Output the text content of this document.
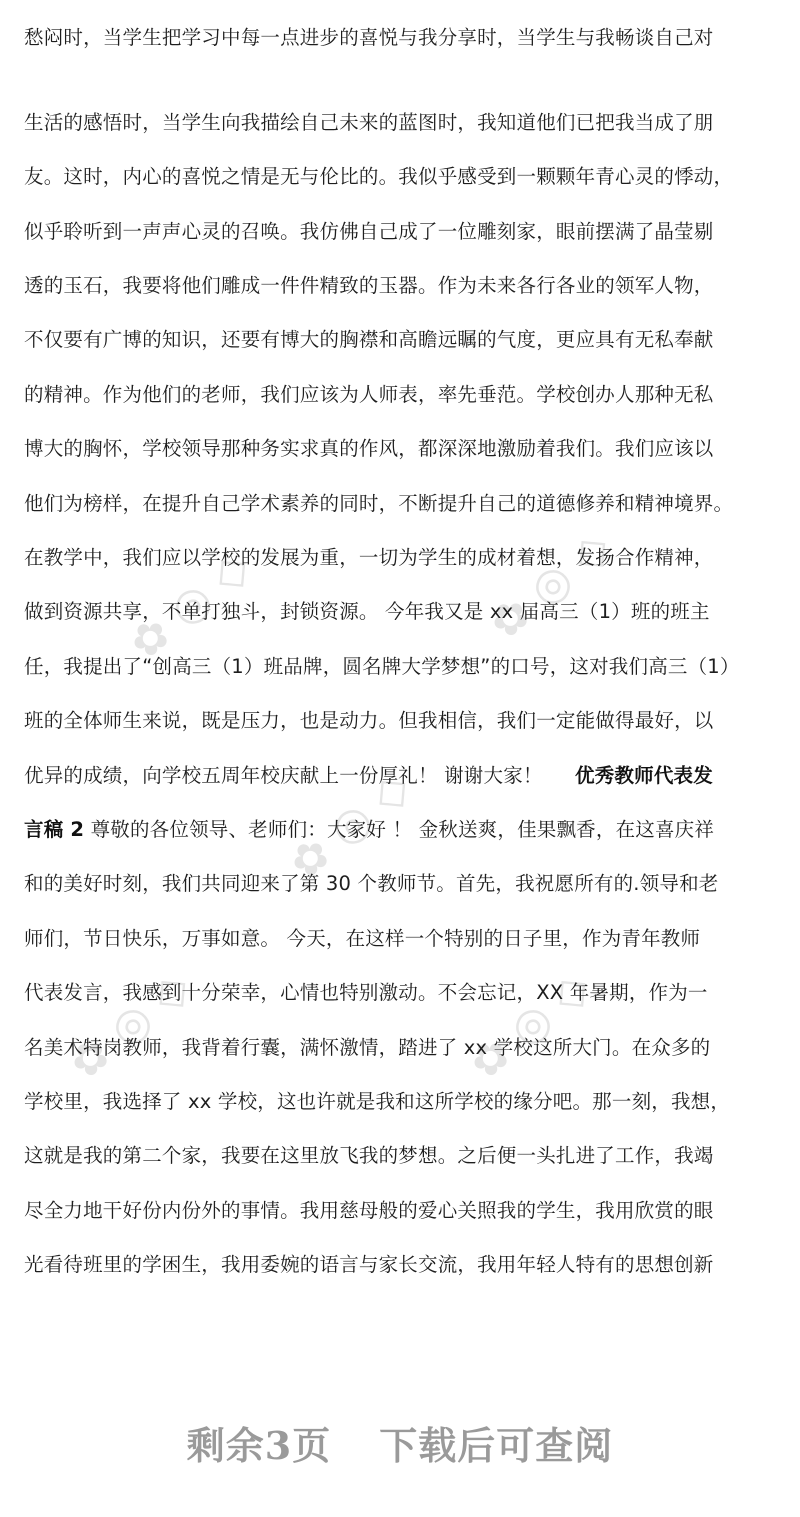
✿ ◎ ◇	✿ ◎ ◇
✿ ◎ ◇
✿ ◎ ◇	✿ ◎ ◇
愁闷时，当学生把学习中每一点进步的喜悦与我分享时，当学生与我畅谈自己对
生活的感悟时，当学生向我描绘自己未来的蓝图时，我知道他们已把我当成了朋
友。这时，内心的喜悦之情是无与伦比的。我似乎感受到一颗颗年青心灵的悸动，
似乎聆听到一声声心灵的召唤。我仿佛自己成了一位雕刻家，眼前摆满了晶莹剔
透的玉石，我要将他们雕成一件件精致的玉器。作为未来各行各业的领军人物，
不仅要有广博的知识，还要有博大的胸襟和高瞻远瞩的气度，更应具有无私奉献
的精神。作为他们的老师，我们应该为人师表，率先垂范。学校创办人那种无私
博大的胸怀，学校领导那种务实求真的作风，都深深地激励着我们。我们应该以
他们为榜样，在提升自己学术素养的同时，不断提升自己的道德修养和精神境界。
在教学中，我们应以学校的发展为重，一切为学生的成材着想，发扬合作精神，
做到资源共享，不单打独斗，封锁资源。 今年我又是 xx 届高三（1）班的班主
任，我提出了“创高三（1）班品牌，圆名牌大学梦想”的口号，这对我们高三（1）
班的全体师生来说，既是压力，也是动力。但我相信，我们一定能做得最好，以
优异的成绩，向学校五周年校庆献上一份厚礼！ 谢谢大家！ 优秀教师代表发
言稿 2 尊敬的各位领导、老师们：大家好 ！ 金秋送爽，佳果飘香，在这喜庆祥
和的美好时刻，我们共同迎来了第 30 个教师节。首先，我祝愿所有的.领导和老
师们，节日快乐，万事如意。 今天，在这样一个特别的日子里，作为青年教师
代表发言，我感到十分荣幸，心情也特别激动。不会忘记，XX 年暑期，作为一
名美术特岗教师，我背着行囊，满怀激情，踏进了 xx 学校这所大门。在众多的
学校里，我选择了 xx 学校，这也许就是我和这所学校的缘分吧。那一刻，我想，
这就是我的第二个家，我要在这里放飞我的梦想。之后便一头扎进了工作，我竭
尽全力地干好份内份外的事情。我用慈母般的爱心关照我的学生，我用欣赏的眼
光看待班里的学困生，我用委婉的语言与家长交流，我用年轻人特有的思想创新
剩余3页 下载后可查阅
